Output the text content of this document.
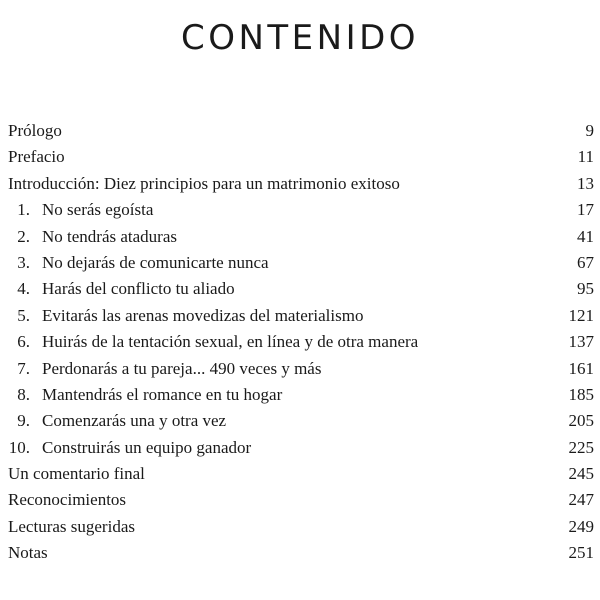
CONTENIDO
Prólogo	9
Prefacio	11
Introducción: Diez principios para un matrimonio exitoso	13
1. No serás egoísta	17
2. No tendrás ataduras	41
3. No dejarás de comunicarte nunca	67
4. Harás del conflicto tu aliado	95
5. Evitarás las arenas movedizas del materialismo	121
6. Huirás de la tentación sexual, en línea y de otra manera	137
7. Perdonarás a tu pareja... 490 veces y más	161
8. Mantendrás el romance en tu hogar	185
9. Comenzarás una y otra vez	205
10. Construirás un equipo ganador	225
Un comentario final	245
Reconocimientos	247
Lecturas sugeridas	249
Notas	251
